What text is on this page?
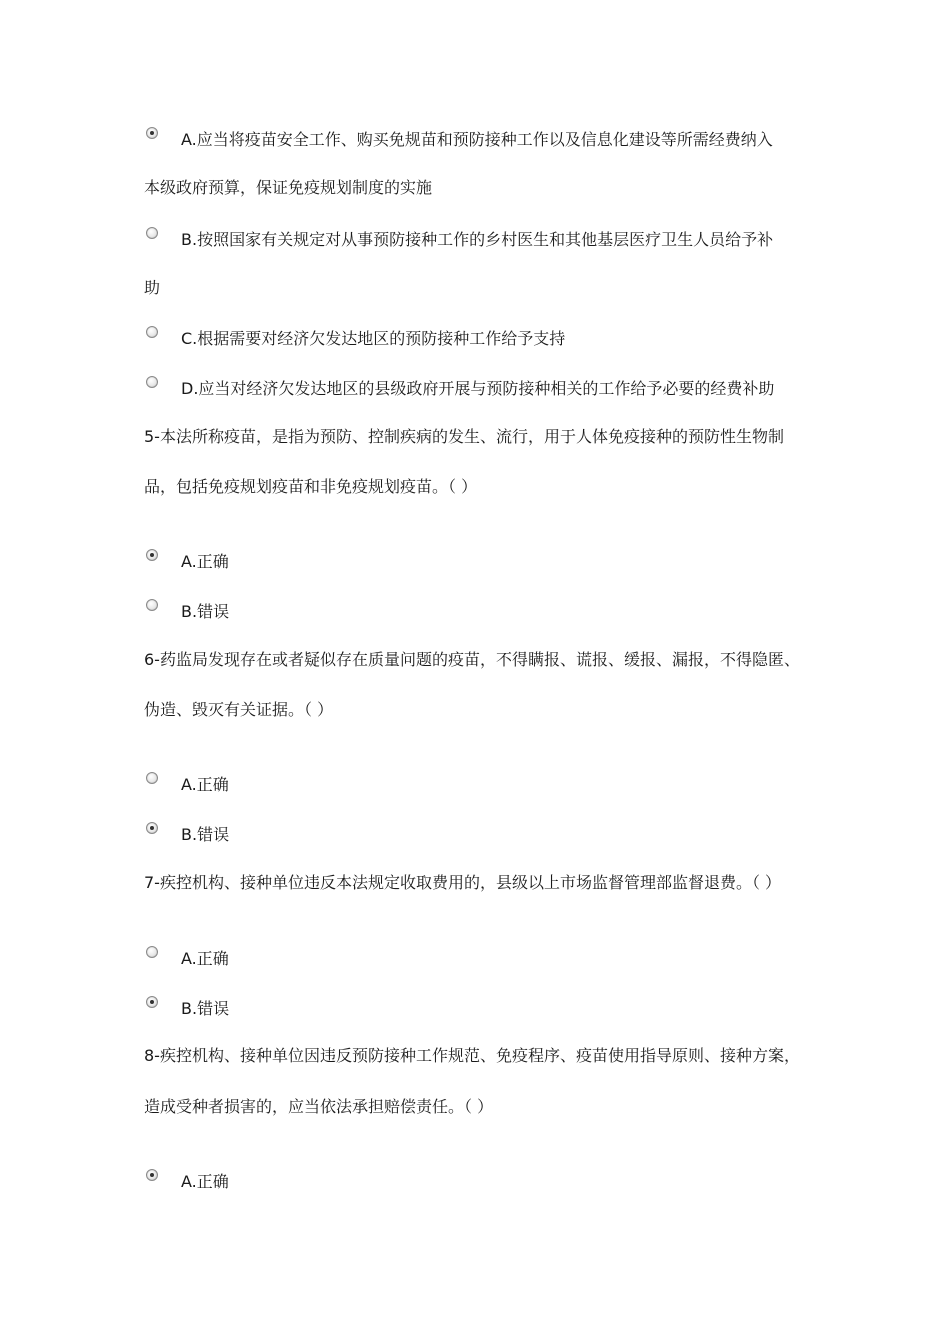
A.应当将疫苗安全工作、购买免规苗和预防接种工作以及信息化建设等所需经费纳入
本级政府预算，保证免疫规划制度的实施
B.按照国家有关规定对从事预防接种工作的乡村医生和其他基层医疗卫生人员给予补
助
C.根据需要对经济欠发达地区的预防接种工作给予支持
D.应当对经济欠发达地区的县级政府开展与预防接种相关的工作给予必要的经费补助
5-本法所称疫苗，是指为预防、控制疾病的发生、流行，用于人体免疫接种的预防性生物制
品，包括免疫规划疫苗和非免疫规划疫苗。（ ）
A.正确
B.错误
6-药监局发现存在或者疑似存在质量问题的疫苗，不得瞒报、谎报、缓报、漏报，不得隐匿、
伪造、毁灭有关证据。（ ）
A.正确
B.错误
7-疾控机构、接种单位违反本法规定收取费用的，县级以上市场监督管理部监督退费。（ ）
A.正确
B.错误
8-疾控机构、接种单位因违反预防接种工作规范、免疫程序、疫苗使用指导原则、接种方案，
造成受种者损害的，应当依法承担赔偿责任。（ ）
A.正确
